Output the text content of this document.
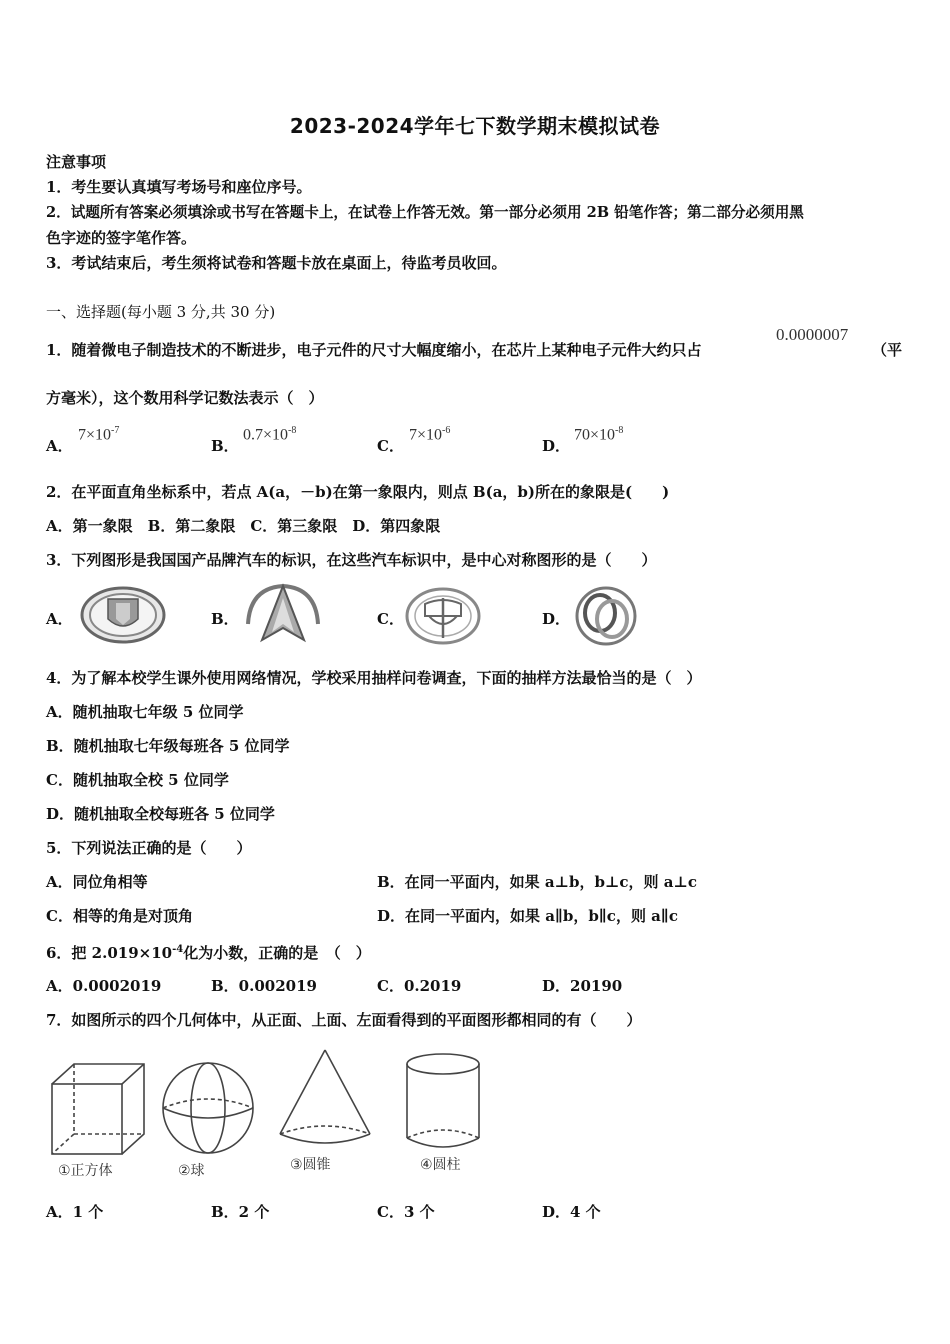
2023-2024学年七下数学期末模拟试卷
注意事项
1．考生要认真填写考场号和座位序号。
2．试题所有答案必须填涂或书写在答题卡上，在试卷上作答无效。第一部分必须用 2B 铅笔作答；第二部分必须用黑
色字迹的签字笔作答。
3．考试结束后，考生须将试卷和答题卡放在桌面上，待监考员收回。
一、选择题(每小题 3 分,共 30 分)
1．随着微电子制造技术的不断进步，电子元件的尺寸大幅度缩小，在芯片上某种电子元件大约只占
0.0000007
（平
方毫米），这个数用科学记数法表示（　）
A．
$7\times 10^{-7}$
B．
$0.7\times 10^{-8}$
C．
$7\times 10^{-6}$
D．
$70\times 10^{-8}$
2．在平面直角坐标系中，若点 A(a，－b)在第一象限内，则点 B(a，b)所在的象限是(　　)
A．第一象限　B．第二象限　C．第三象限　D．第四象限
3．下列图形是我国国产品牌汽车的标识，在这些汽车标识中，是中心对称图形的是（　　）
A．	B．	C．	D．
4．为了解本校学生课外使用网络情况，学校采用抽样问卷调查，下面的抽样方法最恰当的是（　）
A．随机抽取七年级 5 位同学
B．随机抽取七年级每班各 5 位同学
C．随机抽取全校 5 位同学
D．随机抽取全校每班各 5 位同学
5．下列说法正确的是（　　）
A．同位角相等	B．在同一平面内，如果 a⊥b，b⊥c，则 a⊥c
C．相等的角是对顶角	D．在同一平面内，如果 a∥b，b∥c，则 a∥c
6．把 $2.019\times 10^{-4}$化为小数，正确的是　（　）
A．0.0002019	B．0.002019	C．0.2019	D．20190
7．如图所示的四个几何体中，从正面、上面、左面看得到的平面图形都相同的有（　　）
①正方体	②球	③圆锥	④圆柱
A．1 个	B．2 个	C．3 个	D．4 个
